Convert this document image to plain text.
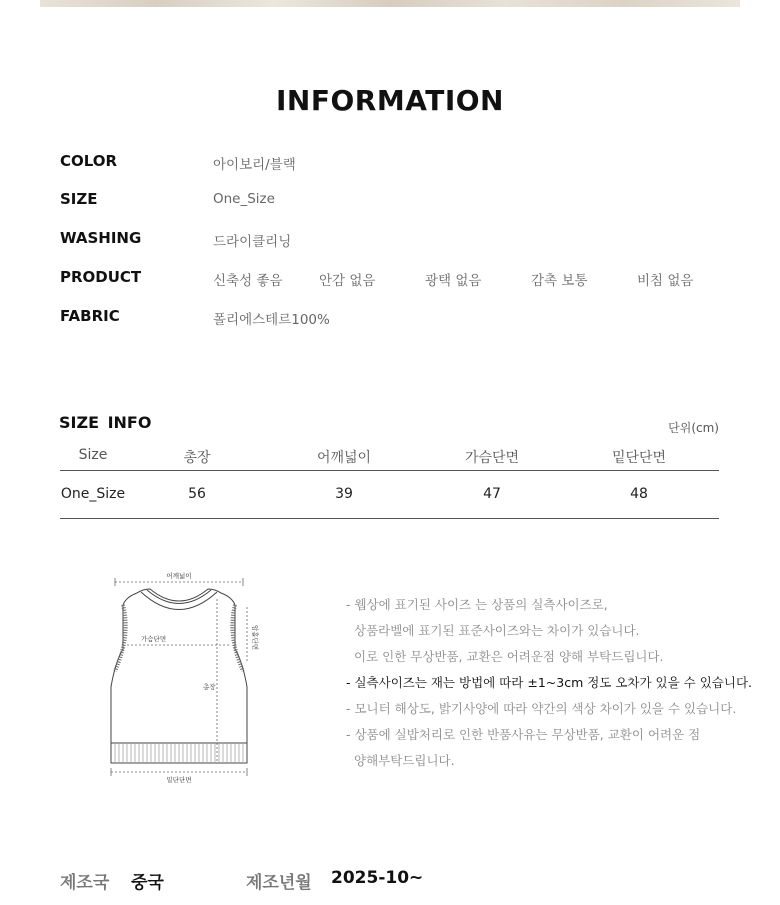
INFORMATION
COLOR	아이보리/블랙
SIZE	One_Size
WASHING	드라이클리닝
PRODUCT	신축성 좋음	안감 없음	광택 없음	감촉 보통	비침 없음
FABRIC	폴리에스테르100%
SIZE INFO	단위(cm)
Size	총장	어깨넓이	가슴단면	밑단단면
One_Size	56	39	47	48
어깨넓이
가슴단면	암홀단면
총장
밑단단면
- 웹상에 표기된 사이즈 는 상품의 실측사이즈로,
상품라벨에 표기된 표준사이즈와는 차이가 있습니다.
이로 인한 무상반품, 교환은 어려운점 양해 부탁드립니다.
- 실측사이즈는 재는 방법에 따라 ±1~3cm 정도 오차가 있을 수 있습니다.
- 모니터 해상도, 밝기사양에 따라 약간의 색상 차이가 있을 수 있습니다.
- 상품에 실밥처리로 인한 반품사유는 무상반품, 교환이 어려운 점
양해부탁드립니다.
제조국 중국	제조년월 2025-10~
